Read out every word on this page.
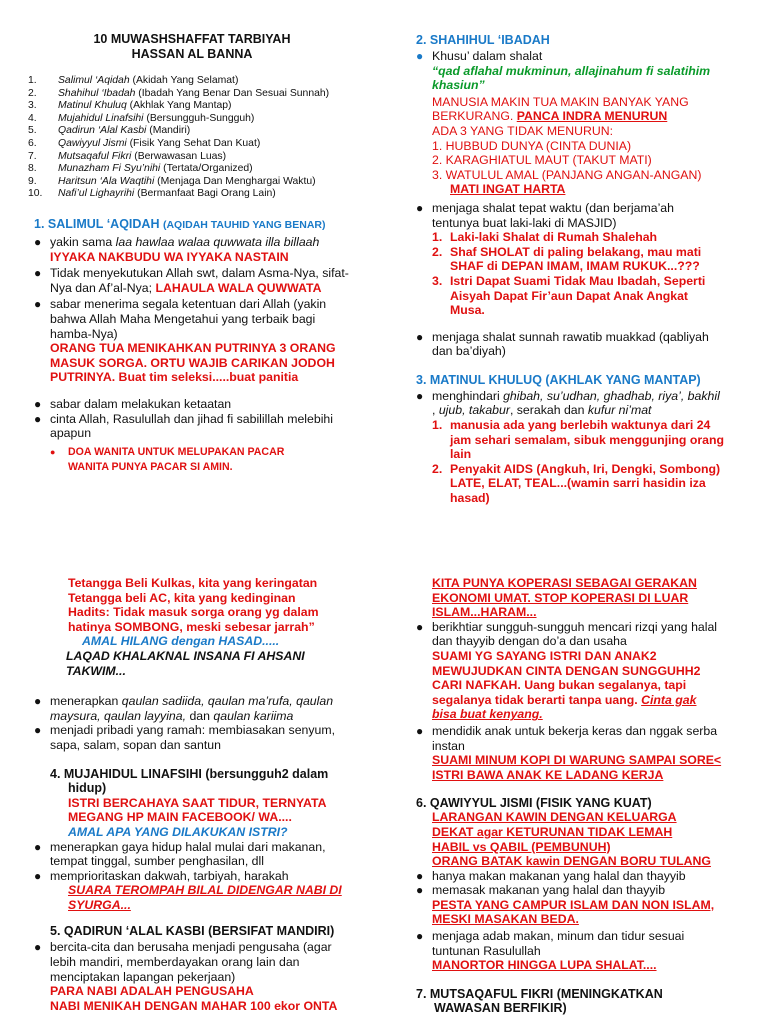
10 MUWASHSHAFFAT TARBIYAH
HASSAN AL BANNA
1.	Salimul ‘Aqidah (Akidah Yang Selamat)
2.	Shahihul ‘Ibadah (Ibadah Yang Benar Dan Sesuai Sunnah)
3.	Matinul Khuluq (Akhlak Yang Mantap)
4.	Mujahidul Linafsihi (Bersungguh-Sungguh)
5.	Qadirun ‘Alal Kasbi (Mandiri)
6.	Qawiyyul Jismi (Fisik Yang Sehat Dan Kuat)
7.	Mutsaqaful Fikri (Berwawasan Luas)
8.	Munazham Fi Syu’nihi (Tertata/Organized)
9.	Haritsun ‘Ala Waqtihi (Menjaga Dan Menghargai Waktu)
10.	Nafi’ul Lighayrihi (Bermanfaat Bagi Orang Lain)
1. SALIMUL ‘AQIDAH (AQIDAH TAUHID YANG BENAR)
● yakin sama laa hawlaa walaa quwwata illa billaah
IYYAKA NAKBUDU WA IYYAKA NASTAIN
● Tidak menyekutukan Allah swt, dalam Asma-Nya, sifat-
Nya dan Af’al-Nya; LAHAULA WALA QUWWATA
● sabar menerima segala ketentuan dari Allah (yakin
bahwa Allah Maha Mengetahui yang terbaik bagi
hamba-Nya)
ORANG TUA MENIKAHKAN PUTRINYA 3 ORANG
MASUK SORGA. ORTU WAJIB CARIKAN JODOH
PUTRINYA. Buat tim seleksi.....buat panitia
● sabar dalam melakukan ketaatan
● cinta Allah, Rasulullah dan jihad fi sabilillah melebihi
apapun
●	DOA WANITA UNTUK MELUPAKAN PACAR
WANITA PUNYA PACAR SI AMIN.
2. SHAHIHUL ‘IBADAH
● Khusu’ dalam shalat
“qad aflahal mukminun, allajinahum fi salatihim
khasiun”
MANUSIA MAKIN TUA MAKIN BANYAK YANG
BERKURANG. PANCA INDRA MENURUN
ADA 3 YANG TIDAK MENURUN:
1. HUBBUD DUNYA (CINTA DUNIA)
2. KARAGHIATUL MAUT (TAKUT MATI)
3. WATULUL AMAL (PANJANG ANGAN-ANGAN)
MATI INGAT HARTA
● menjaga shalat tepat waktu (dan berjama’ah
tentunya buat laki-laki di MASJID)
1. Laki-laki Shalat di Rumah Shalehah
2. Shaf SHOLAT di paling belakang, mau mati
SHAF di DEPAN IMAM, IMAM RUKUK...???
3. Istri Dapat Suami Tidak Mau Ibadah, Seperti
Aisyah Dapat Fir’aun Dapat Anak Angkat
Musa.
● menjaga shalat sunnah rawatib muakkad (qabliyah
dan ba’diyah)
3. MATINUL KHULUQ (AKHLAK YANG MANTAP)
● menghindari ghibah, su’udhan, ghadhab, riya’, bakhil
, ujub, takabur, serakah dan kufur ni’mat
1. manusia ada yang berlebih waktunya dari 24
jam sehari semalam, sibuk menggunjing orang
lain
2. Penyakit AIDS (Angkuh, Iri, Dengki, Sombong)
LATE, ELAT, TEAL...(wamin sarri hasidin iza
hasad)
Tetangga Beli Kulkas, kita yang keringatan
Tetangga beli AC, kita yang kedinginan
Hadits: Tidak masuk sorga orang yg dalam
hatinya SOMBONG, meski sebesar jarrah”
AMAL HILANG dengan HASAD.....
LAQAD KHALAKNAL INSANA FI AHSANI
TAKWIM...
● menerapkan qaulan sadiida, qaulan ma’rufa, qaulan
maysura, qaulan layyina, dan qaulan kariima
● menjadi pribadi yang ramah: membiasakan senyum,
sapa, salam, sopan dan santun
4. MUJAHIDUL LINAFSIHI (bersungguh2 dalam
hidup)
ISTRI BERCAHAYA SAAT TIDUR, TERNYATA
MEGANG HP MAIN FACEBOOK/ WA....
AMAL APA YANG DILAKUKAN ISTRI?
● menerapkan gaya hidup halal mulai dari makanan,
tempat tinggal, sumber penghasilan, dll
● memprioritaskan dakwah, tarbiyah, harakah
SUARA TEROMPAH BILAL DIDENGAR NABI DI
SYURGA...
5. QADIRUN ‘ALAL KASBI (BERSIFAT MANDIRI)
● bercita-cita dan berusaha menjadi pengusaha (agar
lebih mandiri, memberdayakan orang lain dan
menciptakan lapangan pekerjaan)
PARA NABI ADALAH PENGUSAHA
NABI MENIKAH DENGAN MAHAR 100 ekor ONTA
KITA PUNYA KOPERASI SEBAGAI GERAKAN
EKONOMI UMAT. STOP KOPERASI DI LUAR
ISLAM...HARAM...
● berikhtiar sungguh-sungguh mencari rizqi yang halal
dan thayyib dengan do’a dan usaha
SUAMI YG SAYANG ISTRI DAN ANAK2
MEWUJUDKAN CINTA DENGAN SUNGGUHH2
CARI NAFKAH. Uang bukan segalanya, tapi
segalanya tidak berarti tanpa uang. Cinta gak
bisa buat kenyang.
● mendidik anak untuk bekerja keras dan nggak serba
instan
SUAMI MINUM KOPI DI WARUNG SAMPAI SORE<
ISTRI BAWA ANAK KE LADANG KERJA
6. QAWIYYUL JISMI (FISIK YANG KUAT)
LARANGAN KAWIN DENGAN KELUARGA
DEKAT agar KETURUNAN TIDAK LEMAH
HABIL vs QABIL (PEMBUNUH)
ORANG BATAK kawin DENGAN BORU TULANG
● hanya makan makanan yang halal dan thayyib
● memasak makanan yang halal dan thayyib
PESTA YANG CAMPUR ISLAM DAN NON ISLAM,
MESKI MASAKAN BEDA.
● menjaga adab makan, minum dan tidur sesuai
tuntunan Rasulullah
MANORTOR HINGGA LUPA SHALAT....
7. MUTSAQAFUL FIKRI (MENINGKATKAN
WAWASAN BERFIKIR)
